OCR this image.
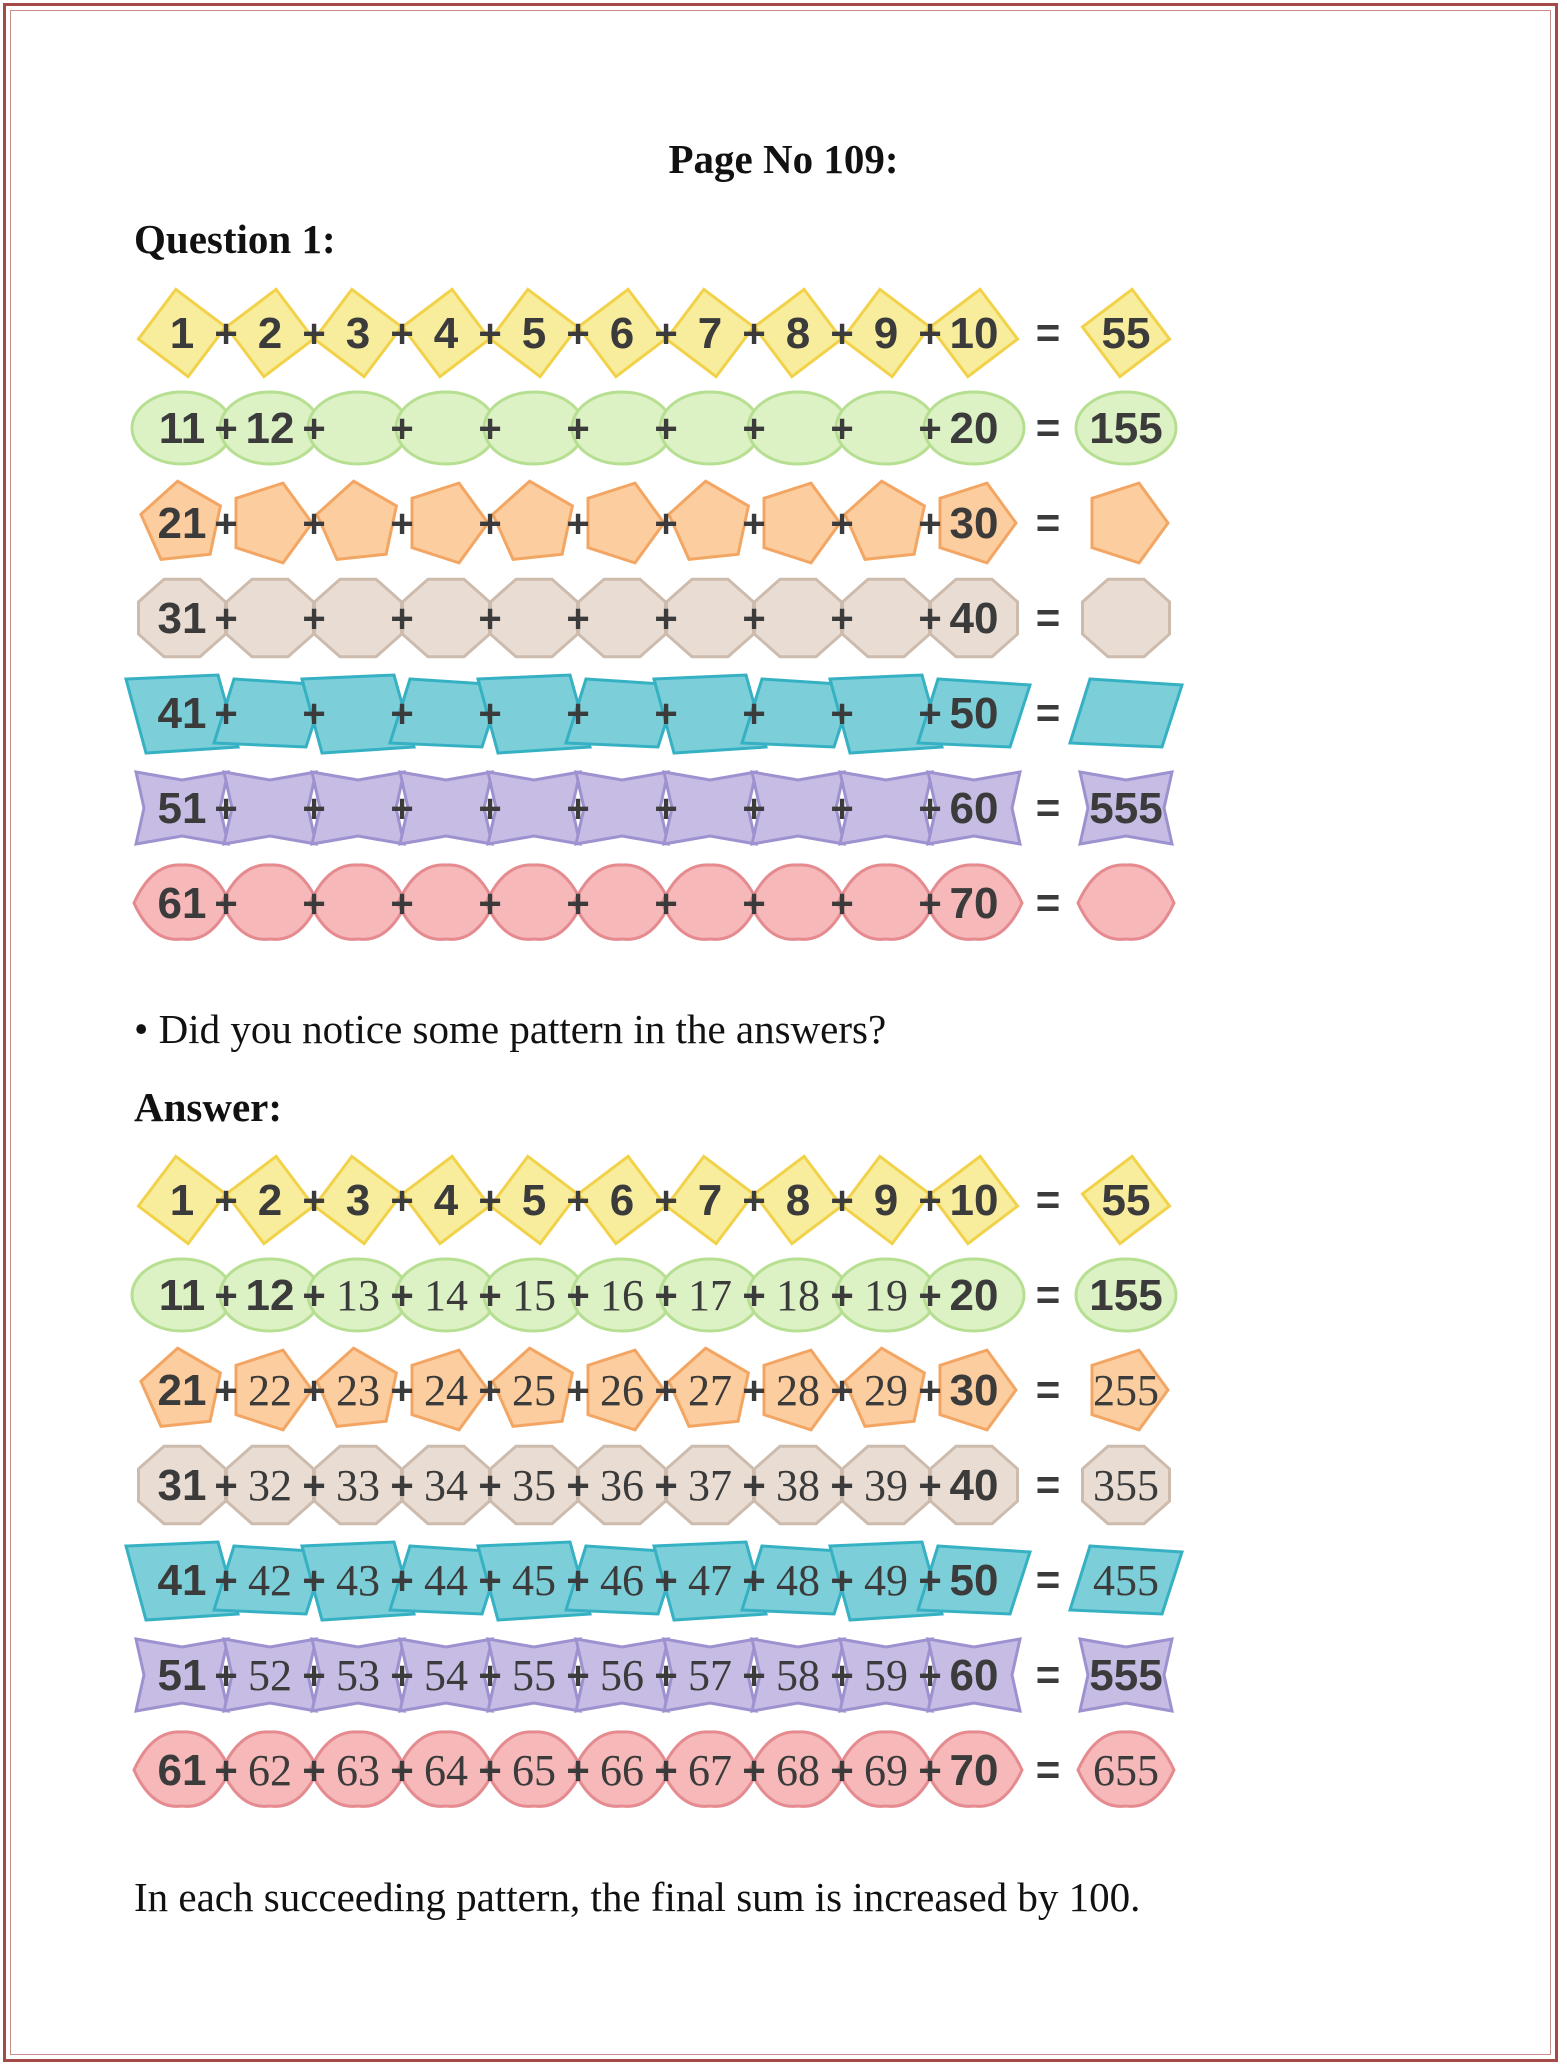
Page No 109:
Question 1:
+ + + + + + + + +
1 2 3 4 5 6 7 8 9 10 = 55
+ + + + + + + + +
11 12	20 = 155
+ + + + + + + + +
21	30 =
+ + + + + + + + +
31	40 =
+ + + + + + + + +
41	50 =
+ + + + + + + + +
51	60 = 555
+ + + + + + + + +
61	70 =
• Did you notice some pattern in the answers?
Answer:
+ + + + + + + + +
1 2 3 4 5 6 7 8 9 10 = 55
+ + + + + + + + +
11 12 13 14 15 16 17 18 19 20 = 155
+ + + + + + + + +
21 22 23 24 25 26 27 28 29 30 = 255
+ + + + + + + + +
31 32 33 34 35 36 37 38 39 40 = 355
+ + + + + + + + +
41 42 43 44 45 46 47 48 49 50 = 455
+ + + + + + + + +
51 52 53 54 55 56 57 58 59 60 = 555
+ + + + + + + + +
61 62 63 64 65 66 67 68 69 70 = 655
In each succeeding pattern, the final sum is increased by 100.
